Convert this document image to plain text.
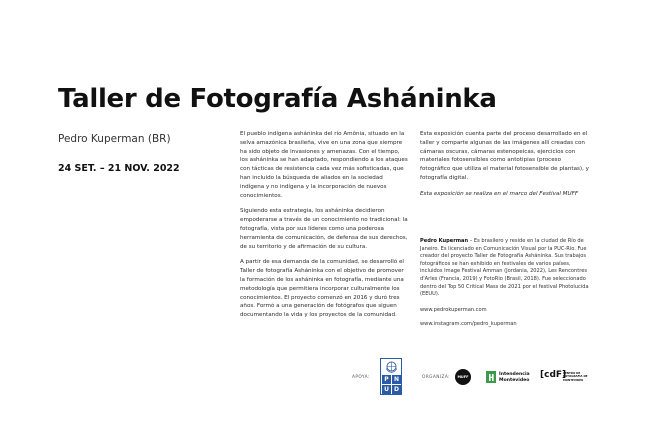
Taller de Fotografía Asháninka
Pedro Kuperman (BR)
24 SET. – 21 NOV. 2022

El pueblo indígena asháninka del río Amônia, situado en la selva amazónica brasileña, vive en una zona que siempre ha sido objeto de invasiones y amenazas. Con el tiempo, los asháninka se han adaptado, respondiendo a los ataques con tácticas de resistencia cada vez más sofisticadas, que han incluido la búsqueda de aliados en la sociedad indígena y no indígena y la incorporación de nuevos conocimientos.

Siguiendo esta estrategia, los asháninka decidieron empoderarse a través de un conocimiento no tradicional: la fotografía, vista por sus líderes como una poderosa herramienta de comunicación, de defensa de sus derechos, de su territorio y de afirmación de su cultura.

A partir de esa demanda de la comunidad, se desarrolló el Taller de fotografía Asháninka con el objetivo de promover la formación de los asháninka en fotografía, mediante una metodología que permitiera incorporar culturalmente los conocimientos. El proyecto comenzó en 2016 y duró tres años. Formó a una generación de fotógrafos que siguen documentando la vida y los proyectos de la comunidad.

Esta exposición cuenta parte del proceso desarrollado en el taller y comparte algunas de las imágenes allí creadas con cámaras oscuras, cámaras estenopeicas, ejercicios con materiales fotosensibles como antotipias (proceso fotográfico que utiliza el material fotosensible de plantas), y fotografía digital.

Esta exposición se realiza en el marco del Festival MUFF

Pedro Kuperman – Es brasilero y reside en la ciudad de Río de Janeiro. Es licenciado en Comunicación Visual por la PUC-Río. Fue creador del proyecto Taller de Fotografía Asháninka. Sus trabajos fotográficos se han exhibido en festivales de varios países, incluidos Image Festival Amman (Jordania, 2022), Les Rencontres d'Arles (Francia, 2019) y FotoRio (Brasil, 2018). Fue seleccionado dentro del Top 50 Critical Mass de 2021 por el festival Photolucida (EEUU).
www.pedrokuperman.com
www.instagram.com/pedro_kuperman
APOYA:	P N
U D
ORGANIZA:	MUFF	Intendencia
Montevideo [cdF]
CENTRO DE FOTOGRAFÍA DE MONTEVIDEO
